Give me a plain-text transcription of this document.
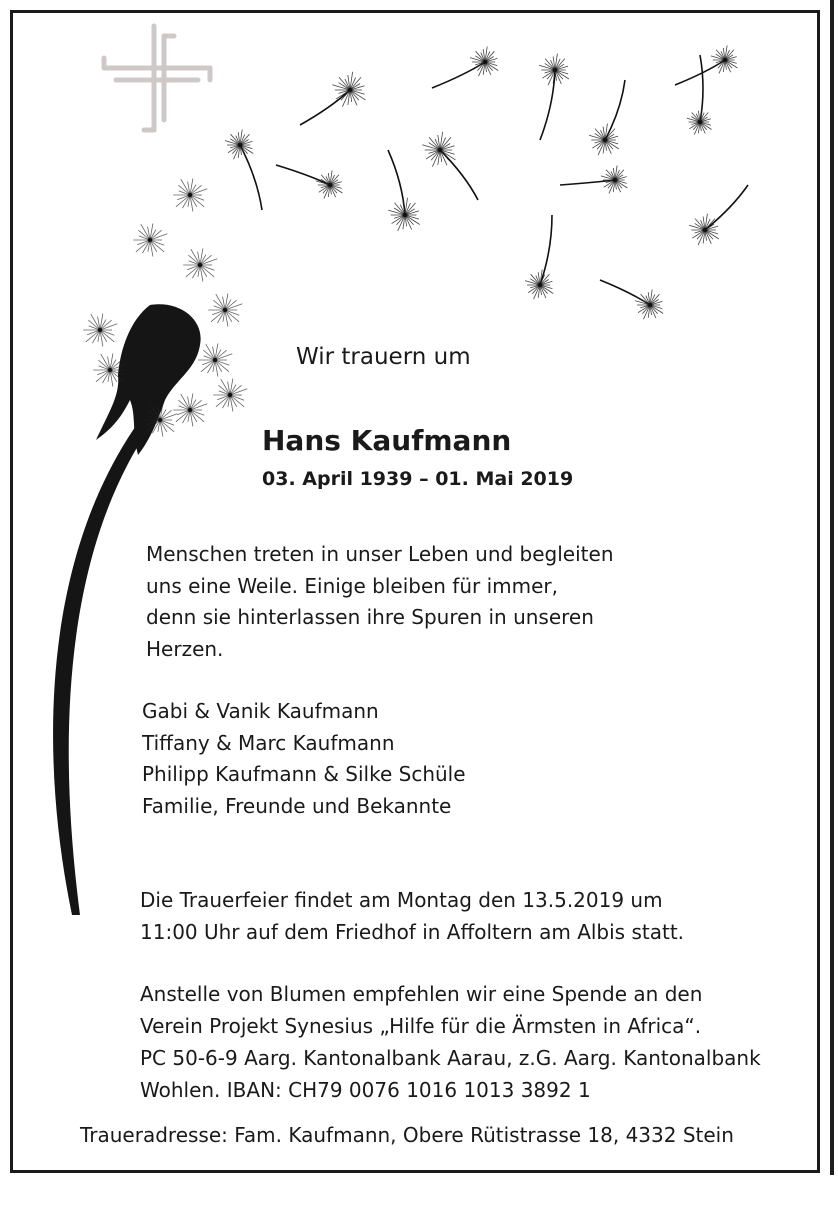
Wir trauern um
Hans Kaufmann
03. April 1939 – 01. Mai 2019
Menschen treten in unser Leben und begleiten
uns eine Weile. Einige bleiben für immer,
denn sie hinterlassen ihre Spuren in unseren
Herzen.
Gabi & Vanik Kaufmann
Tiffany & Marc Kaufmann
Philipp Kaufmann & Silke Schüle
Familie, Freunde und Bekannte
Die Trauerfeier findet am Montag den 13.5.2019 um
11:00 Uhr auf dem Friedhof in Affoltern am Albis statt.
Anstelle von Blumen empfehlen wir eine Spende an den
Verein Projekt Synesius „Hilfe für die Ärmsten in Africa“.
PC 50-6-9 Aarg. Kantonalbank Aarau, z.G. Aarg. Kantonalbank
Wohlen. IBAN: CH79 0076 1016 1013 3892 1
Traueradresse: Fam. Kaufmann, Obere Rütistrasse 18, 4332 Stein
